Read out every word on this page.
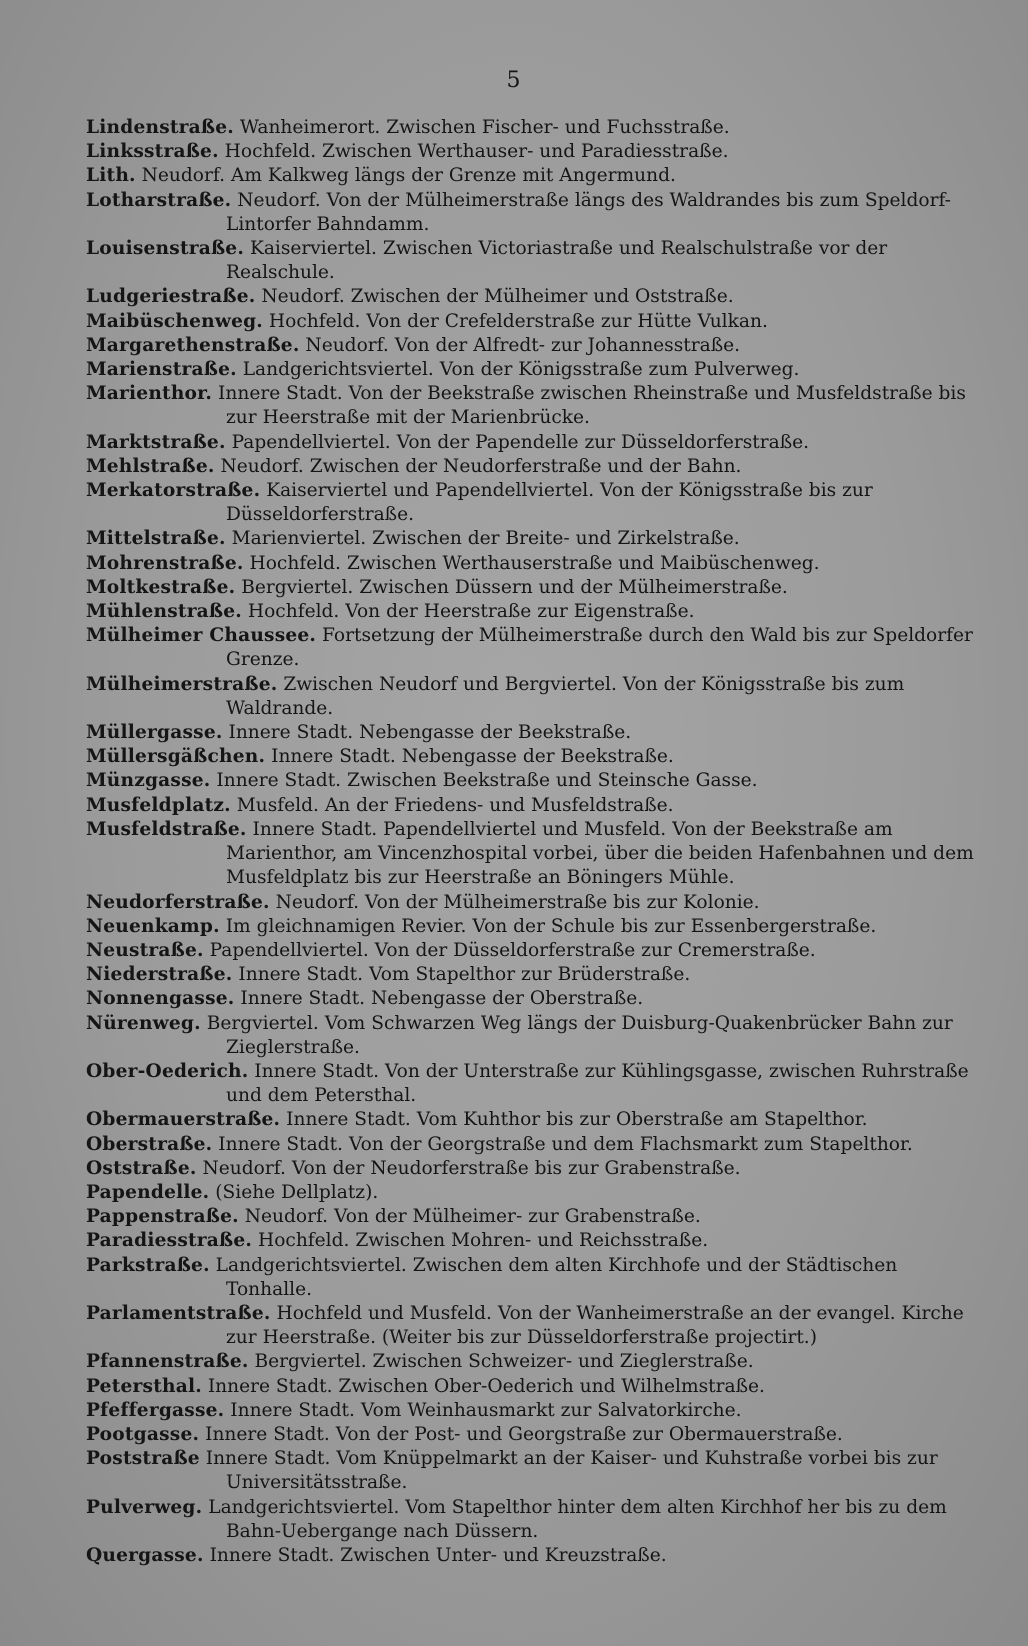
5

Lindenstraße. Wanheimerort. Zwischen Fischer- und Fuchsstraße.

Linksstraße. Hochfeld. Zwischen Werthauser- und Paradiesstraße.

Lith. Neudorf. Am Kalkweg längs der Grenze mit Angermund.

Lotharstraße. Neudorf. Von der Mülheimerstraße längs des Waldrandes bis zum Speldorf-Lintorfer Bahndamm.

Louisenstraße. Kaiserviertel. Zwischen Victoriastraße und Realschulstraße vor der Realschule.

Ludgeriestraße. Neudorf. Zwischen der Mülheimer und Oststraße.

Maibüschenweg. Hochfeld. Von der Crefelderstraße zur Hütte Vulkan.

Margarethenstraße. Neudorf. Von der Alfredt- zur Johannesstraße.

Marienstraße. Landgerichtsviertel. Von der Königsstraße zum Pulverweg.

Marienthor. Innere Stadt. Von der Beekstraße zwischen Rheinstraße und Musfeldstraße bis zur Heerstraße mit der Marienbrücke.

Marktstraße. Papendellviertel. Von der Papendelle zur Düsseldorferstraße.

Mehlstraße. Neudorf. Zwischen der Neudorferstraße und der Bahn.

Merkatorstraße. Kaiserviertel und Papendellviertel. Von der Königsstraße bis zur Düsseldorferstraße.

Mittelstraße. Marienviertel. Zwischen der Breite- und Zirkelstraße.

Mohrenstraße. Hochfeld. Zwischen Werthauserstraße und Maibüschenweg.

Moltkestraße. Bergviertel. Zwischen Düssern und der Mülheimerstraße.

Mühlenstraße. Hochfeld. Von der Heerstraße zur Eigenstraße.

Mülheimer Chaussee. Fortsetzung der Mülheimerstraße durch den Wald bis zur Speldorfer Grenze.

Mülheimerstraße. Zwischen Neudorf und Bergviertel. Von der Königsstraße bis zum Waldrande.

Müllergasse. Innere Stadt. Nebengasse der Beekstraße.

Müllersgäßchen. Innere Stadt. Nebengasse der Beekstraße.

Münzgasse. Innere Stadt. Zwischen Beekstraße und Steinsche Gasse.

Musfeldplatz. Musfeld. An der Friedens- und Musfeldstraße.

Musfeldstraße. Innere Stadt. Papendellviertel und Musfeld. Von der Beekstraße am Marienthor, am Vincenzhospital vorbei, über die beiden Hafenbahnen und dem Musfeldplatz bis zur Heerstraße an Böningers Mühle.

Neudorferstraße. Neudorf. Von der Mülheimerstraße bis zur Kolonie.

Neuenkamp. Im gleichnamigen Revier. Von der Schule bis zur Essenbergerstraße.

Neustraße. Papendellviertel. Von der Düsseldorferstraße zur Cremerstraße.

Niederstraße. Innere Stadt. Vom Stapelthor zur Brüderstraße.

Nonnengasse. Innere Stadt. Nebengasse der Oberstraße.

Nürenweg. Bergviertel. Vom Schwarzen Weg längs der Duisburg-Quakenbrücker Bahn zur Zieglerstraße.

Ober-Oederich. Innere Stadt. Von der Unterstraße zur Kühlingsgasse, zwischen Ruhrstraße und dem Petersthal.

Obermauerstraße. Innere Stadt. Vom Kuhthor bis zur Oberstraße am Stapelthor.

Oberstraße. Innere Stadt. Von der Georgstraße und dem Flachsmarkt zum Stapelthor.

Oststraße. Neudorf. Von der Neudorferstraße bis zur Grabenstraße.

Papendelle. (Siehe Dellplatz).

Pappenstraße. Neudorf. Von der Mülheimer- zur Grabenstraße.

Paradiesstraße. Hochfeld. Zwischen Mohren- und Reichsstraße.

Parkstraße. Landgerichtsviertel. Zwischen dem alten Kirchhofe und der Städtischen Tonhalle.

Parlamentstraße. Hochfeld und Musfeld. Von der Wanheimerstraße an der evangel. Kirche zur Heerstraße. (Weiter bis zur Düsseldorferstraße projectirt.)

Pfannenstraße. Bergviertel. Zwischen Schweizer- und Zieglerstraße.

Petersthal. Innere Stadt. Zwischen Ober-Oederich und Wilhelmstraße.

Pfeffergasse. Innere Stadt. Vom Weinhausmarkt zur Salvatorkirche.

Pootgasse. Innere Stadt. Von der Post- und Georgstraße zur Obermauerstraße.

Poststraße Innere Stadt. Vom Knüppelmarkt an der Kaiser- und Kuhstraße vorbei bis zur Universitätsstraße.

Pulverweg. Landgerichtsviertel. Vom Stapelthor hinter dem alten Kirchhof her bis zu dem Bahn-Uebergange nach Düssern.

Quergasse. Innere Stadt. Zwischen Unter- und Kreuzstraße.
